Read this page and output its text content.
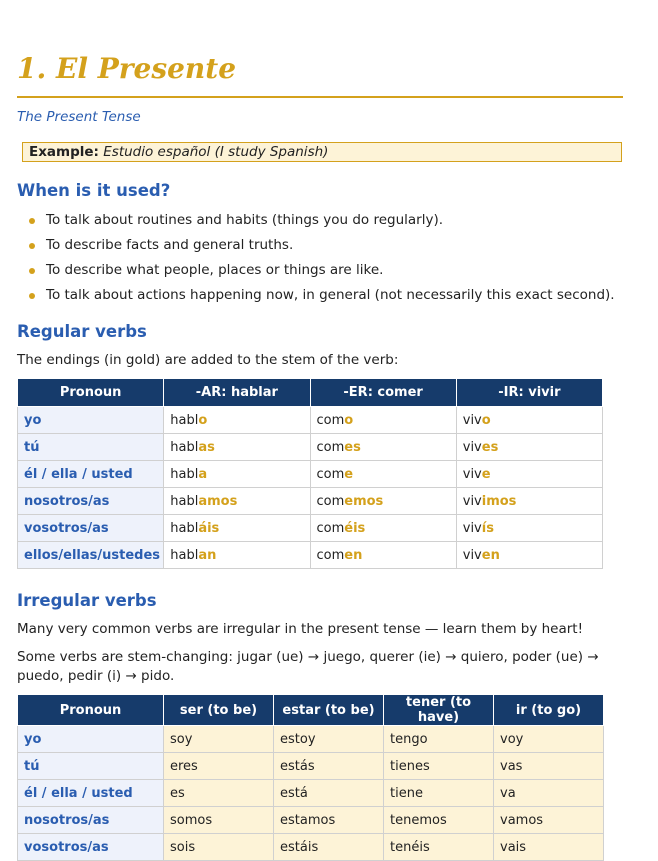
1. El Presente
The Present Tense
Example: Estudio español (I study Spanish)
When is it used?
To talk about routines and habits (things you do regularly).
To describe facts and general truths.
To describe what people, places or things are like.
To talk about actions happening now, in general (not necessarily this exact second).
Regular verbs

The endings (in gold) are added to the stem of the verb:

Pronoun	-AR: hablar	-ER: comer	-IR: vivir
yo	hablo	como	vivo
tú	hablas	comes	vives
él / ella / usted	habla	come	vive
nosotros/as	hablamos	comemos	vivimos
vosotros/as	habláis	coméis	vivís
ellos/ellas/ustedes	hablan	comen	viven
Irregular verbs

Many very common verbs are irregular in the present tense — learn them by heart!

Some verbs are stem-changing: jugar (ue) → juego, querer (ie) → quiero, poder (ue) → puedo, pedir (i) → pido.

Pronoun	ser (to be)	estar (to be)	tener (to have)	ir (to go)
yo	soy	estoy	tengo	voy
tú	eres	estás	tienes	vas
él / ella / usted	es	está	tiene	va
nosotros/as	somos	estamos	tenemos	vamos
vosotros/as	sois	estáis	tenéis	vais
